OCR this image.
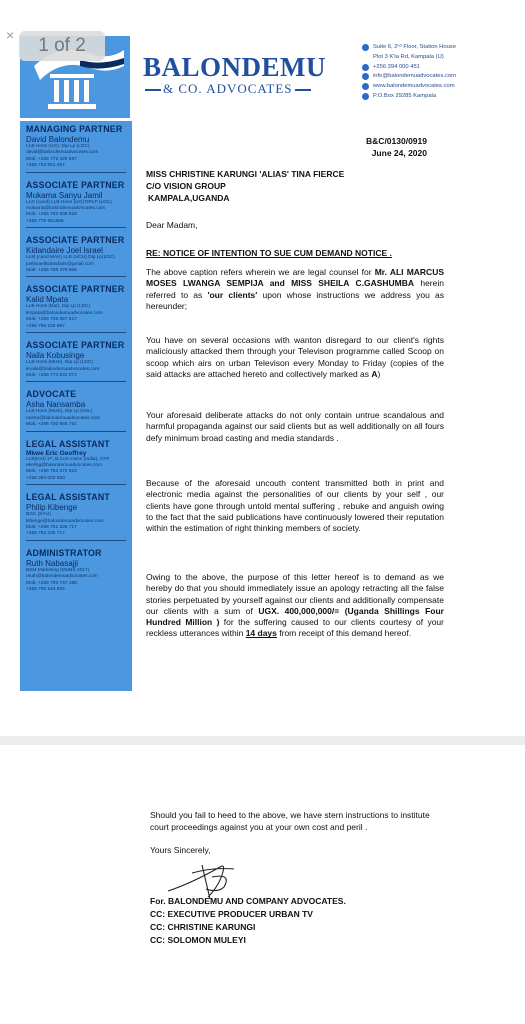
BALONDEMU
& CO. ADVOCATES
Suite 6, 2ⁿᵈ Floor, Station House
Plot 3 K'la Rd, Kampala (U)
+256 394 000 451
info@balondemuadvocates.com
www.balondemuadvocates.com
P.O.Box 29285 Kampala
MANAGING PARTNER
David Balondemu
LLB Hons (UG), Dip Lp (LDC)
david@balondemuadvocates.com
Mob: +256 772 429 597
+256 703 651 497
ASSOCIATE PARTNER
Mukama Sanyu Jamil
LLD (cand) LLB Hons (UG) DPLP (LDC)
mukama@balondemuadvocates.com
Mob: +256 703 608 028
+256 779 561566
ASSOCIATE PARTNER
Kidandaire Joel Israel
LLM (cand MAK) LLB (UCU) Dip Lp(LDC)
joelisraelkidandaire@gmail.com
Mob: +256 706 479 906
ASSOCIATE PARTNER
Kalid Mpata
LLB Hons (Dar), Dip Lp (LDC)
kmpata@balondemuadvocates.com
Mob: +256 706 857 817
+256 785 165 997
ASSOCIATE PARTNER
Naila Kobusinge
LLB Hons (MUK), Dip Lp (LDC)
knaila@balondemuadvocates.com
Mob: +256 774 531 074
ADVOCATE
Asha Nansamba
LLB Hons (MUK), Dip Lp (KSL)
nasha@balondemuadvocates.com
Mob: +256 700 655 761
LEGAL ASSISTANT
Mkwe Eric Geoffrey
LLB(KIU) 1ˢᵗ, B.Com Hons (India), CFP
ekellog@balondemuadvocates.com
Mob: +256 753 372 923
+256 394 000 850
LEGAL ASSISTANT
Philip Kibenge
BGC (KYU)
kibenge@balondemuadvocates.com
Mob: +256 701 236 717
+256 782 236 717
ADMINISTRATOR
Ruth Nabasajji
BSM Marketing (MUBS 2017)
nruth@balondemuadvocates.com
Mob: +256 706 747 195
+256 790 544 655
B&C/0130/0919
June 24, 2020
MISS CHRISTINE KARUNGI 'ALIAS' TINA FIERCE
C/O VISION GROUP
KAMPALA,UGANDA
Dear Madam,
RE: NOTICE OF INTENTION TO SUE CUM DEMAND NOTICE .
The above caption refers wherein we are legal counsel for Mr. ALI MARCUS MOSES LWANGA SEMPIJA and MISS SHEILA C.GASHUMBA herein referred to as 'our clients' upon whose instructions we address you as hereunder;
You have on several occasions with wanton disregard to our client's rights maliciously attacked them through your Televison programme called Scoop on scoop which airs on urban Televison every Monday to Friday (copies of the said attacks are attached hereto and collectively marked as A)
Your aforesaid deliberate attacks do not only contain untrue scandalous and harmful propaganda against our said clients but as well additionally on all fours defy minimum broad casting and media standards .
Because of the aforesaid uncouth content transmitted both in print and electronic media against the personalities of our clients by your self , our clients have gone through untold mental suffering , rebuke and anguish owing to the fact that the said publications have continuously lowered their reputation within the estimation of right thinking members of society.
Owing to the above, the purpose of this letter hereof is to demand as we hereby do that you should immediately issue an apology retracting all the false stories perpetuated by yourself against our clients and additionally compensate our clients with a sum of UGX. 400,000,000/= (Uganda Shillings Four Hundred Million ) for the suffering caused to our clients courtesy of your reckless utterances within 14 days from receipt of this demand hereof.
Should you fail to heed to the above, we have stern instructions to institute court proceedings against you at your own cost and peril .
Yours Sincerely,
For. BALONDEMU AND COMPANY ADVOCATES.
CC: EXECUTIVE PRODUCER URBAN TV
CC: CHRISTINE KARUNGI
CC: SOLOMON MULEYI
×	1 of 2
